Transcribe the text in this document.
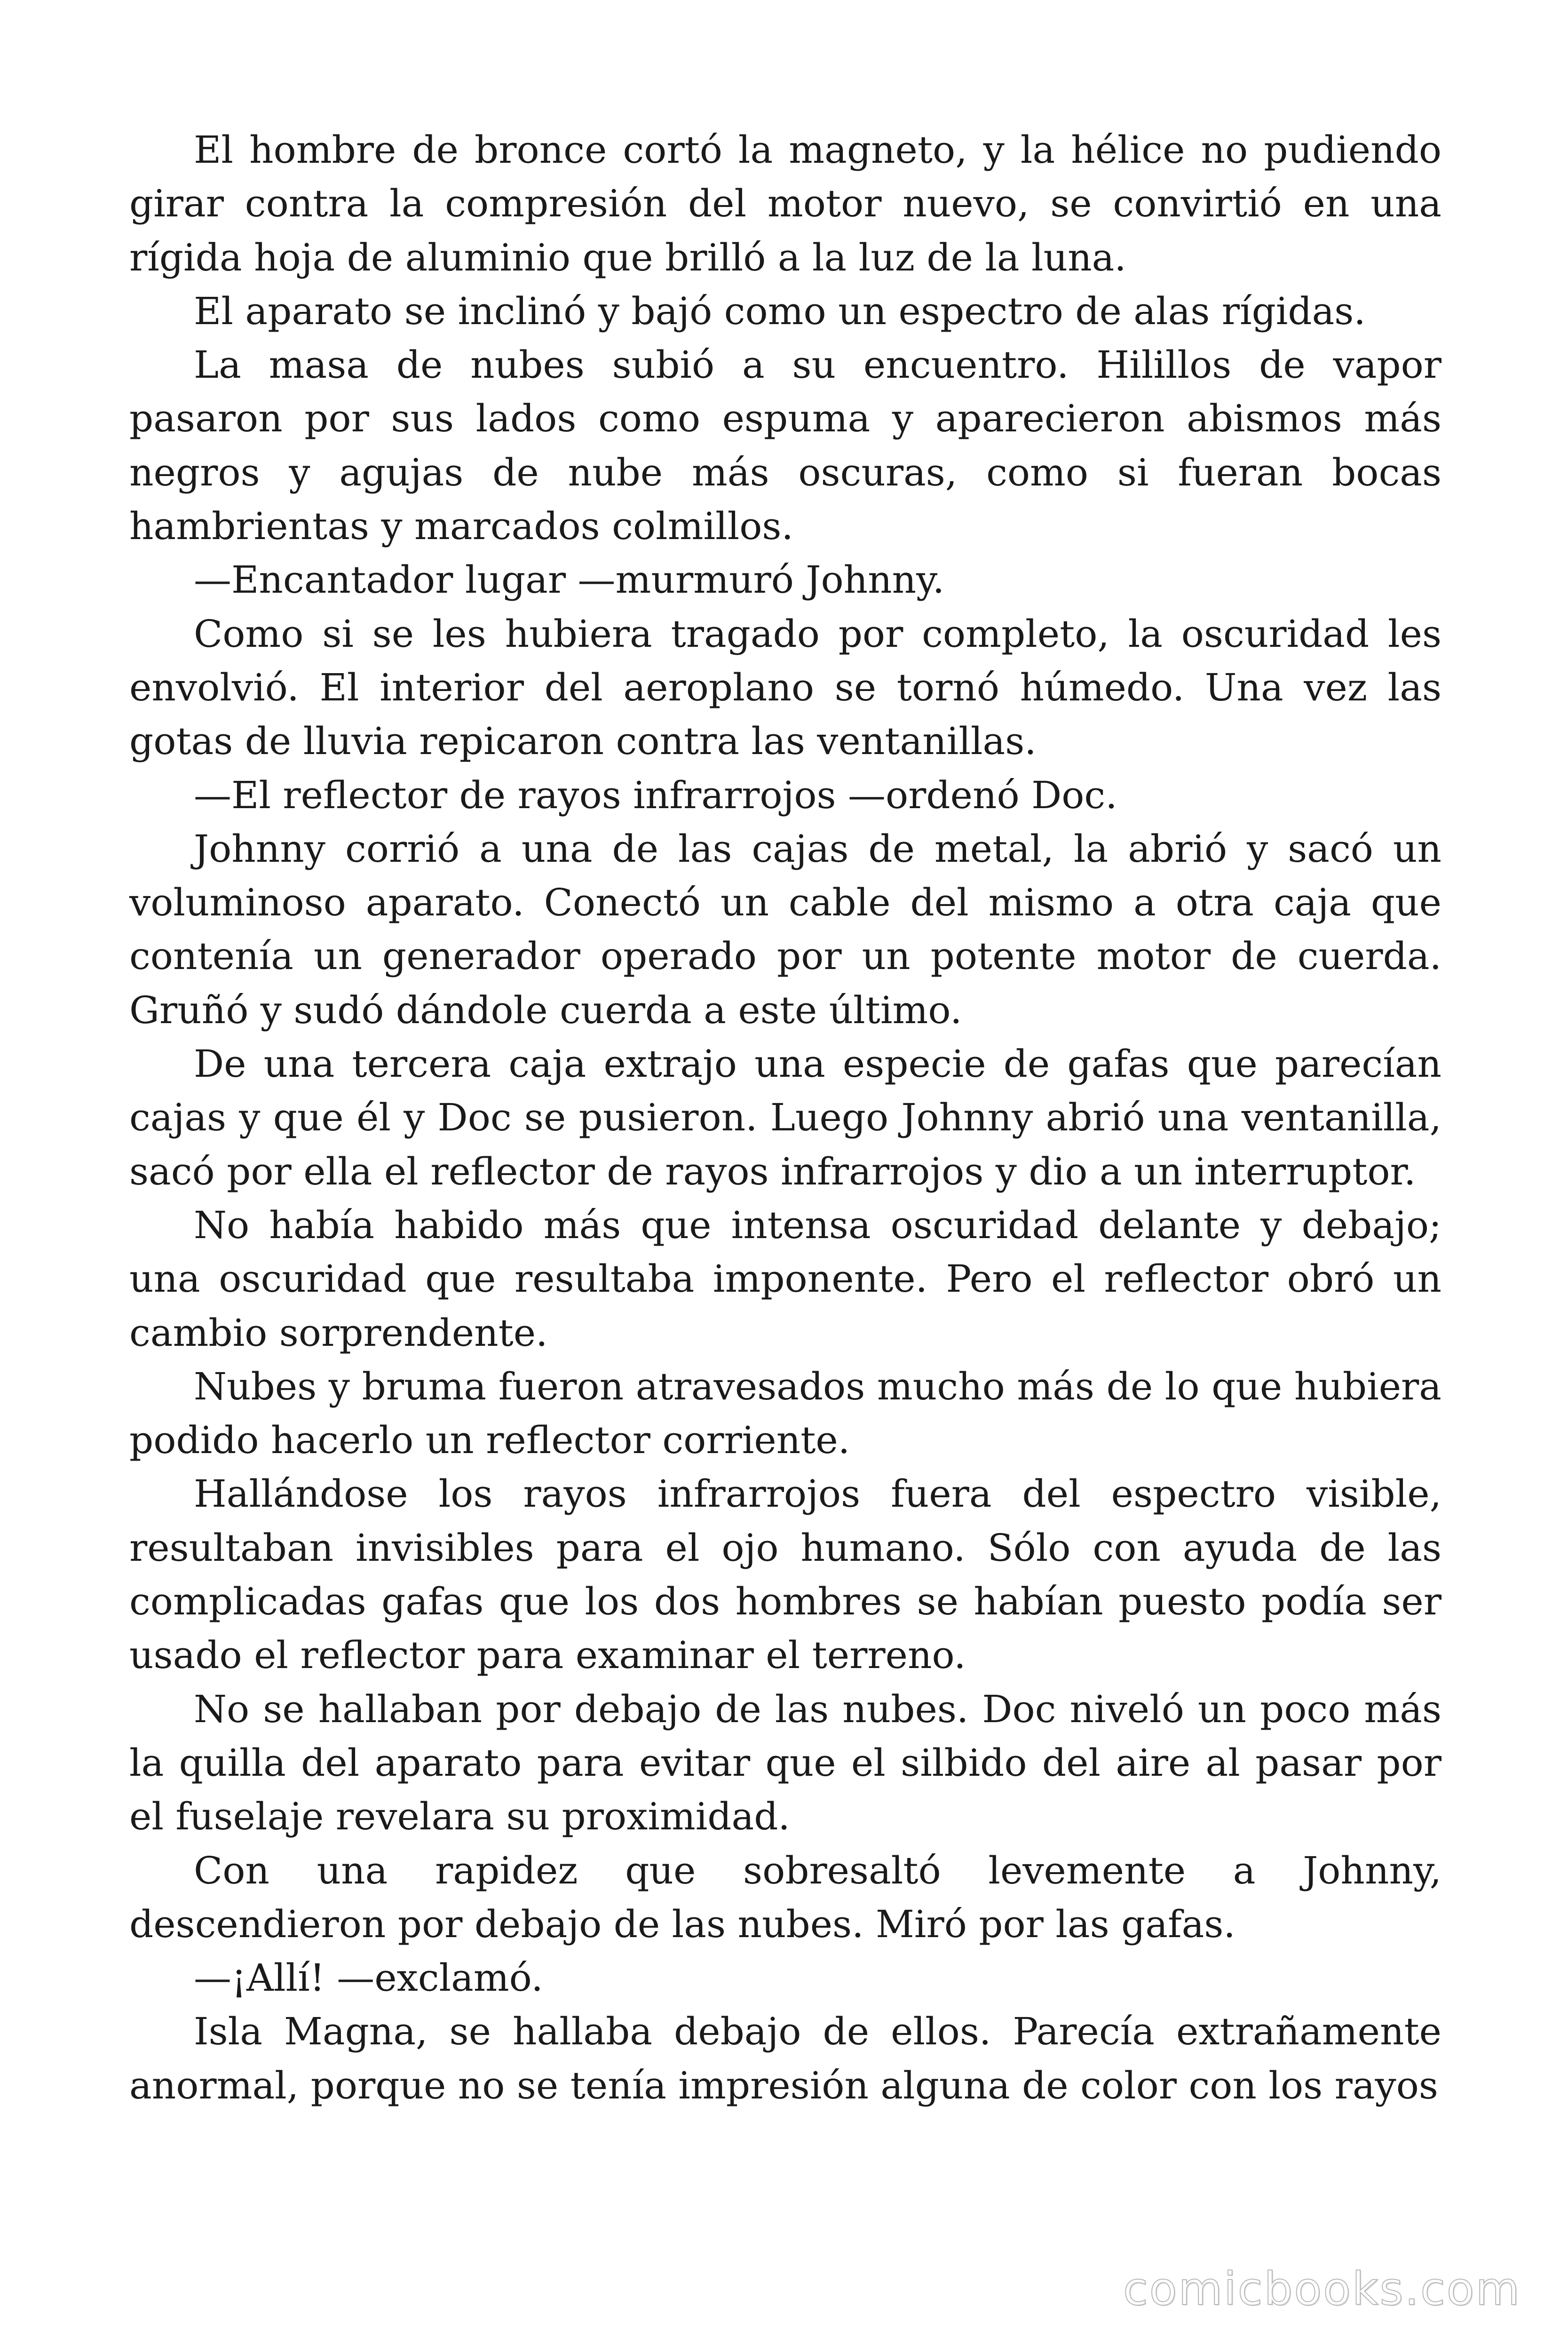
El hombre de bronce cortó la magneto, y la hélice no pudiendo girar contra la compresión del motor nuevo, se convirtió en una rígida hoja de aluminio que brilló a la luz de la luna.

El aparato se inclinó y bajó como un espectro de alas rígidas.

La masa de nubes subió a su encuentro. Hilillos de vapor pasaron por sus lados como espuma y aparecieron abismos más negros y agujas de nube más oscuras, como si fueran bocas hambrientas y marcados colmillos.

—Encantador lugar —murmuró Johnny.

Como si se les hubiera tragado por completo, la oscuridad les envolvió. El interior del aeroplano se tornó húmedo. Una vez las gotas de lluvia repicaron contra las ventanillas.

—El reflector de rayos infrarrojos —ordenó Doc.

Johnny corrió a una de las cajas de metal, la abrió y sacó un voluminoso aparato. Conectó un cable del mismo a otra caja que contenía un generador operado por un potente motor de cuerda. Gruñó y sudó dándole cuerda a este último.

De una tercera caja extrajo una especie de gafas que parecían cajas y que él y Doc se pusieron. Luego Johnny abrió una ventanilla, sacó por ella el reflector de rayos infrarrojos y dio a un interruptor.

No había habido más que intensa oscuridad delante y debajo; una oscuridad que resultaba imponente. Pero el reflector obró un cambio sorprendente.

Nubes y bruma fueron atravesados mucho más de lo que hubiera podido hacerlo un reflector corriente.

Hallándose los rayos infrarrojos fuera del espectro visible, resultaban invisibles para el ojo humano. Sólo con ayuda de las complicadas gafas que los dos hombres se habían puesto podía ser usado el reflector para examinar el terreno.

No se hallaban por debajo de las nubes. Doc niveló un poco más la quilla del aparato para evitar que el silbido del aire al pasar por el fuselaje revelara su proximidad.

Con una rapidez que sobresaltó levemente a Johnny, descendieron por debajo de las nubes. Miró por las gafas.

—¡Allí! —exclamó.

Isla Magna, se hallaba debajo de ellos. Parecía extrañamente anormal, porque no se tenía impresión alguna de color con los rayos

comicbooks.com
